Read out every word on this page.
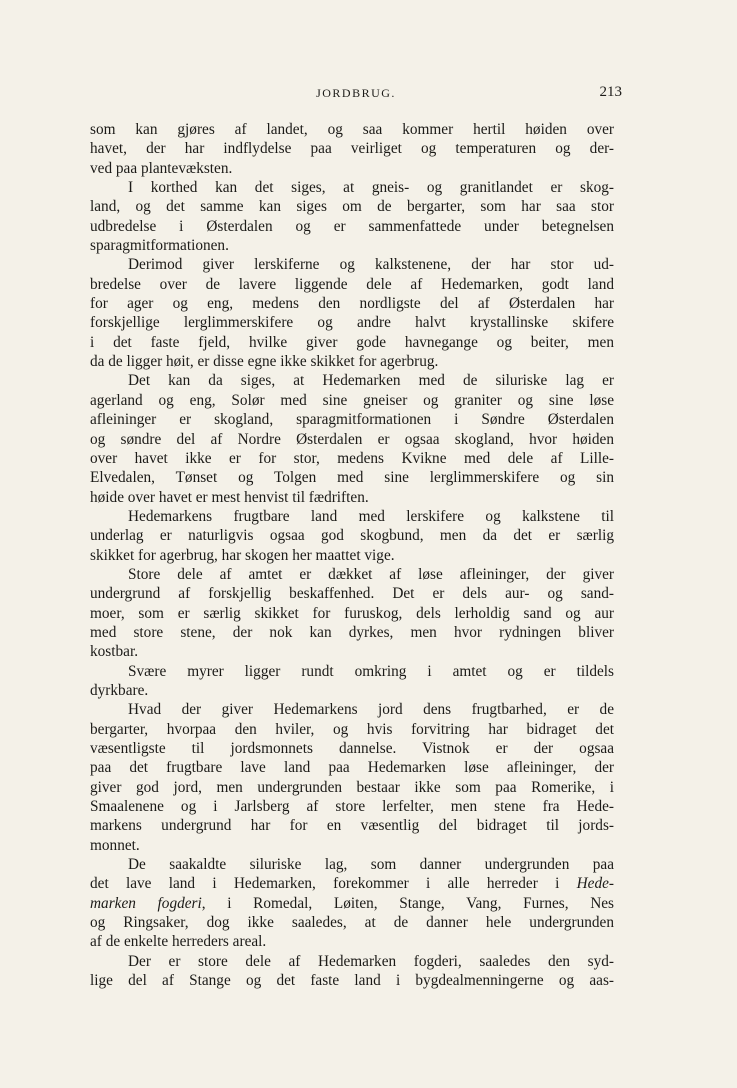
JORDBRUG.	213
som kan gjøres af landet, og saa kommer hertil høiden over
havet, der har indflydelse paa veirliget og temperaturen og der-
ved paa plantevæksten.
I korthed kan det siges, at gneis- og granitlandet er skog-
land, og det samme kan siges om de bergarter, som har saa stor
udbredelse i Østerdalen og er sammenfattede under betegnelsen
sparagmitformationen.
Derimod giver lerskiferne og kalkstenene, der har stor ud-
bredelse over de lavere liggende dele af Hedemarken, godt land
for ager og eng, medens den nordligste del af Østerdalen har
forskjellige lerglimmerskifere og andre halvt krystallinske skifere
i det faste fjeld, hvilke giver gode havnegange og beiter, men
da de ligger høit, er disse egne ikke skikket for agerbrug.
Det kan da siges, at Hedemarken med de siluriske lag er
agerland og eng, Solør med sine gneiser og graniter og sine løse
afleininger er skogland, sparagmitformationen i Søndre Østerdalen
og søndre del af Nordre Østerdalen er ogsaa skogland, hvor høiden
over havet ikke er for stor, medens Kvikne med dele af Lille-
Elvedalen, Tønset og Tolgen med sine lerglimmerskifere og sin
høide over havet er mest henvist til fædriften.
Hedemarkens frugtbare land med lerskifere og kalkstene til
underlag er naturligvis ogsaa god skogbund, men da det er særlig
skikket for agerbrug, har skogen her maattet vige.
Store dele af amtet er dækket af løse afleininger, der giver
undergrund af forskjellig beskaffenhed. Det er dels aur- og sand-
moer, som er særlig skikket for furuskog, dels lerholdig sand og aur
med store stene, der nok kan dyrkes, men hvor rydningen bliver
kostbar.
Svære myrer ligger rundt omkring i amtet og er tildels
dyrkbare.
Hvad der giver Hedemarkens jord dens frugtbarhed, er de
bergarter, hvorpaa den hviler, og hvis forvitring har bidraget det
væsentligste til jordsmonnets dannelse. Vistnok er der ogsaa
paa det frugtbare lave land paa Hedemarken løse afleininger, der
giver god jord, men undergrunden bestaar ikke som paa Romerike, i
Smaalenene og i Jarlsberg af store lerfelter, men stene fra Hede-
markens undergrund har for en væsentlig del bidraget til jords-
monnet.
De saakaldte siluriske lag, som danner undergrunden paa
det lave land i Hedemarken, forekommer i alle herreder i Hede-
marken fogderi, i Romedal, Løiten, Stange, Vang, Furnes, Nes
og Ringsaker, dog ikke saaledes, at de danner hele undergrunden
af de enkelte herreders areal.
Der er store dele af Hedemarken fogderi, saaledes den syd-
lige del af Stange og det faste land i bygdealmenningerne og aas-
